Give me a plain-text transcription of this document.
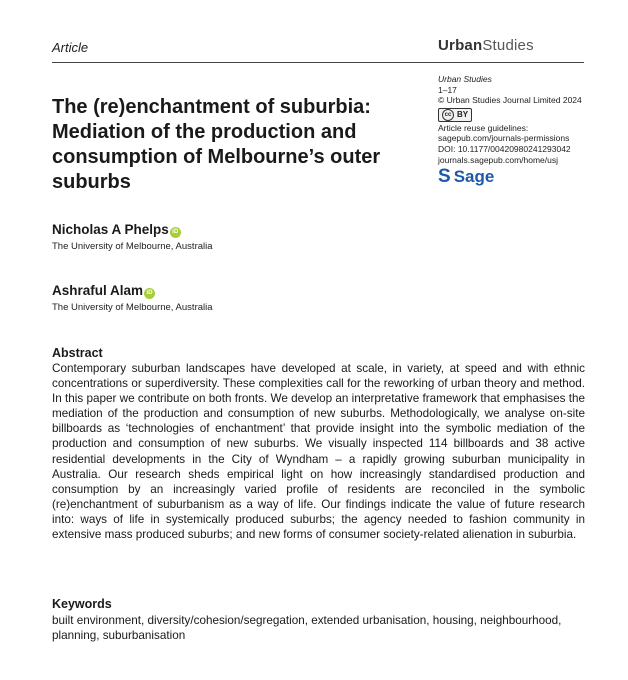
Article	UrbanStudies
The (re)enchantment of suburbia: Mediation of the production and consumption of Melbourne’s outer suburbs
Urban Studies
1–17
© Urban Studies Journal Limited 2024
cc BY
Article reuse guidelines:
sagepub.com/journals-permissions
DOI: 10.1177/00420980241293042
journals.sagepub.com/home/usj
S Sage
Nicholas A Phelps iD
The University of Melbourne, Australia
Ashraful Alam iD
The University of Melbourne, Australia
Abstract

Contemporary suburban landscapes have developed at scale, in variety, at speed and with ethnic concentrations or superdiversity. These complexities call for the reworking of urban theory and method. In this paper we contribute on both fronts. We develop an interpretative framework that emphasises the mediation of the production and consumption of new suburbs. Methodologically, we analyse on-site billboards as ‘technologies of enchantment’ that provide insight into the symbolic mediation of the production and consumption of new suburbs. We visually inspected 114 billboards and 38 active residential developments in the City of Wyndham – a rapidly growing suburban municipality in Australia. Our research sheds empirical light on how increasingly standardised production and consumption by an increasingly varied profile of residents are reconciled in the symbolic (re)enchantment of suburbanism as a way of life. Our findings indicate the value of future research into: ways of life in systemically produced suburbs; the agency needed to fashion community in extensive mass produced suburbs; and new forms of consumer society-related alienation in suburbia.

Keywords

built environment, diversity/cohesion/segregation, extended urbanisation, housing, neighbourhood, planning, suburbanisation
